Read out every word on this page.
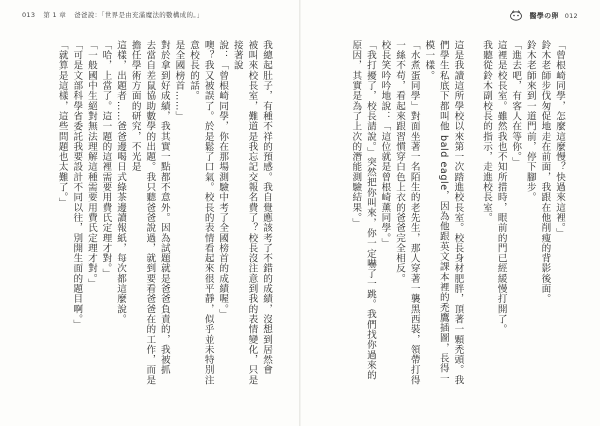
013 第 1 章 爸爸說：「世界是由充滿魔法的數構成的。」
我總起肚子，有種不祥的預感。我自覺應該考了不錯的成績，沒想到居然會
被叫來校長室，難道是我忘記交報名費了？校長沒注意到我的表情變化，只是接著說
說：「曾根崎同學，你在那場測驗中考了全國榜首的成績喔。」
噢？我又被誤了。於是鬆了口氣。校長的表情看起來很平靜，似乎並未特別注意校長的話。
是全國榜首……」
對於拿到好成績，我其實一點都不意外。因為試題就是爸爸負責的，我被抓
去當自差鼠協助數學的出題。我只聽爸爸說過，就到要看爸爸在的工作，而是擔任學術方面的研究，不光是
這樣，出題者……爸爸邊喝日式綠茶邊讀報紙，每次都這麼說。
「哈，上當了。這一題的這裡需要用費氏定理才對。」
「一般國中生絕對無法理解這種需要用費氏定理才對。」
「可是文部科學省委託我要設計不同以往，別開生面的題目啊。」
「就算是這樣，這些問題也太難了。」
醫學の卵 012
「曾根崎同學，怎麼這麼慢？快過來這裡。」
鈴木老師步伐匆促地走在前面，我跟在他削瘦的背影後面。
鈴木老師來到一道門前，停下腳步。
「進去吧，有客人在等你。」
這裡是校長室。雖然我也不知所措時，眼前的門已經緩慢打開了。
我聽從鈴木副校長的指示，走進校長室。
這是我讀這所學校以來第一次踏進校長室。校長身材肥胖，頂著一顆禿頭。我們學生私底下都叫他 bald eagle，因為他跟英文課本裡的禿鷹插圖，長得一模一樣。
「水煮蛋同學」對面坐著一名陌生的老先生，那人穿著一襲黑西裝，領帶打得一絲不苟，看起來跟習慣穿白色上衣的爸爸完全相反。
校長笑吟吟地說：「這位就是曾根崎薰同學。」
「我打擾了，校長請說。」突然把你叫來，你一定嚇了一跳。我們找你過來的原因，其實是為了上次的潛能測驗結果。」
